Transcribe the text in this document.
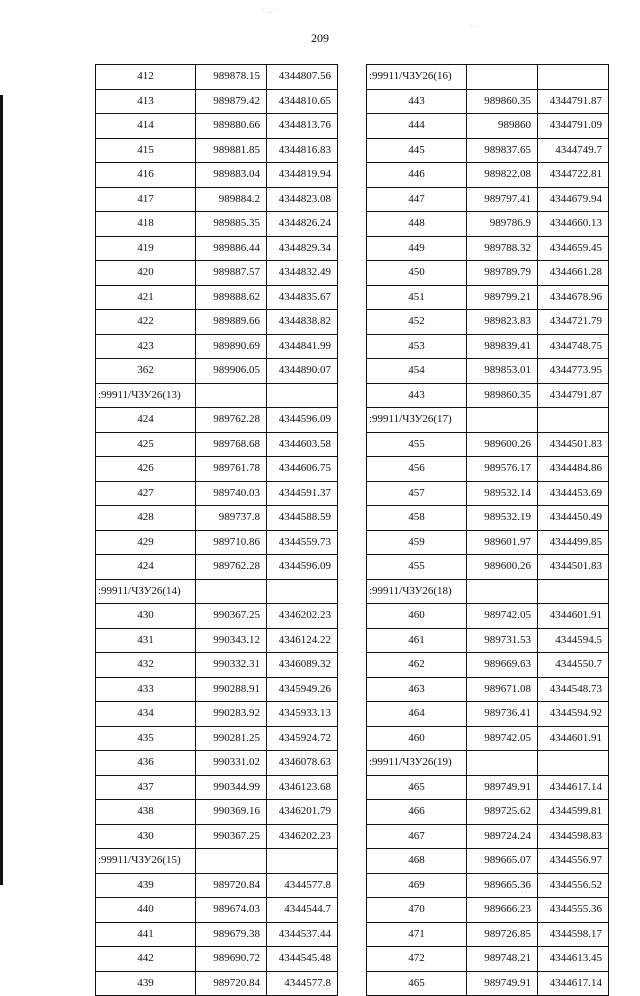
209
· ‥ ·
· ·
· · ·
412	989878.15	4344807.56
413	989879.42	4344810.65
414	989880.66	4344813.76
415	989881.85	4344816.83
416	989883.04	4344819.94
417	989884.2	4344823.08
418	989885.35	4344826.24
419	989886.44	4344829.34
420	989887.57	4344832.49
421	989888.62	4344835.67
422	989889.66	4344838.82
423	989890.69	4344841.99
362	989906.05	4344890.07
:99911/ЧЗУ26(13)		
424	989762.28	4344596.09
425	989768.68	4344603.58
426	989761.78	4344606.75
427	989740.03	4344591.37
428	989737.8	4344588.59
429	989710.86	4344559.73
424	989762.28	4344596.09
:99911/ЧЗУ26(14)		
430	990367.25	4346202.23
431	990343.12	4346124.22
432	990332.31	4346089.32
433	990288.91	4345949.26
434	990283.92	4345933.13
435	990281.25	4345924.72
436	990331.02	4346078.63
437	990344.99	4346123.68
438	990369.16	4346201.79
430	990367.25	4346202.23
:99911/ЧЗУ26(15)		
439	989720.84	4344577.8
440	989674.03	4344544.7
441	989679.38	4344537.44
442	989690.72	4344545.48
439	989720.84	4344577.8
:99911/ЧЗУ26(16)		
443	989860.35	4344791.87
444	989860	4344791.09
445	989837.65	4344749.7
446	989822.08	4344722.81
447	989797.41	4344679.94
448	989786.9	4344660.13
449	989788.32	4344659.45
450	989789.79	4344661.28
451	989799.21	4344678.96
452	989823.83	4344721.79
453	989839.41	4344748.75
454	989853.01	4344773.95
443	989860.35	4344791.87
:99911/ЧЗУ26(17)		
455	989600.26	4344501.83
456	989576.17	4344484.86
457	989532.14	4344453.69
458	989532.19	4344450.49
459	989601.97	4344499.85
455	989600.26	4344501.83
:99911/ЧЗУ26(18)		
460	989742.05	4344601.91
461	989731.53	4344594.5
462	989669.63	4344550.7
463	989671.08	4344548.73
464	989736.41	4344594.92
460	989742.05	4344601.91
:99911/ЧЗУ26(19)		
465	989749.91	4344617.14
466	989725.62	4344599.81
467	989724.24	4344598.83
468	989665.07	4344556.97
469	989665.36	4344556.52
470	989666.23	4344555.36
471	989726.85	4344598.17
472	989748.21	4344613.45
465	989749.91	4344617.14
